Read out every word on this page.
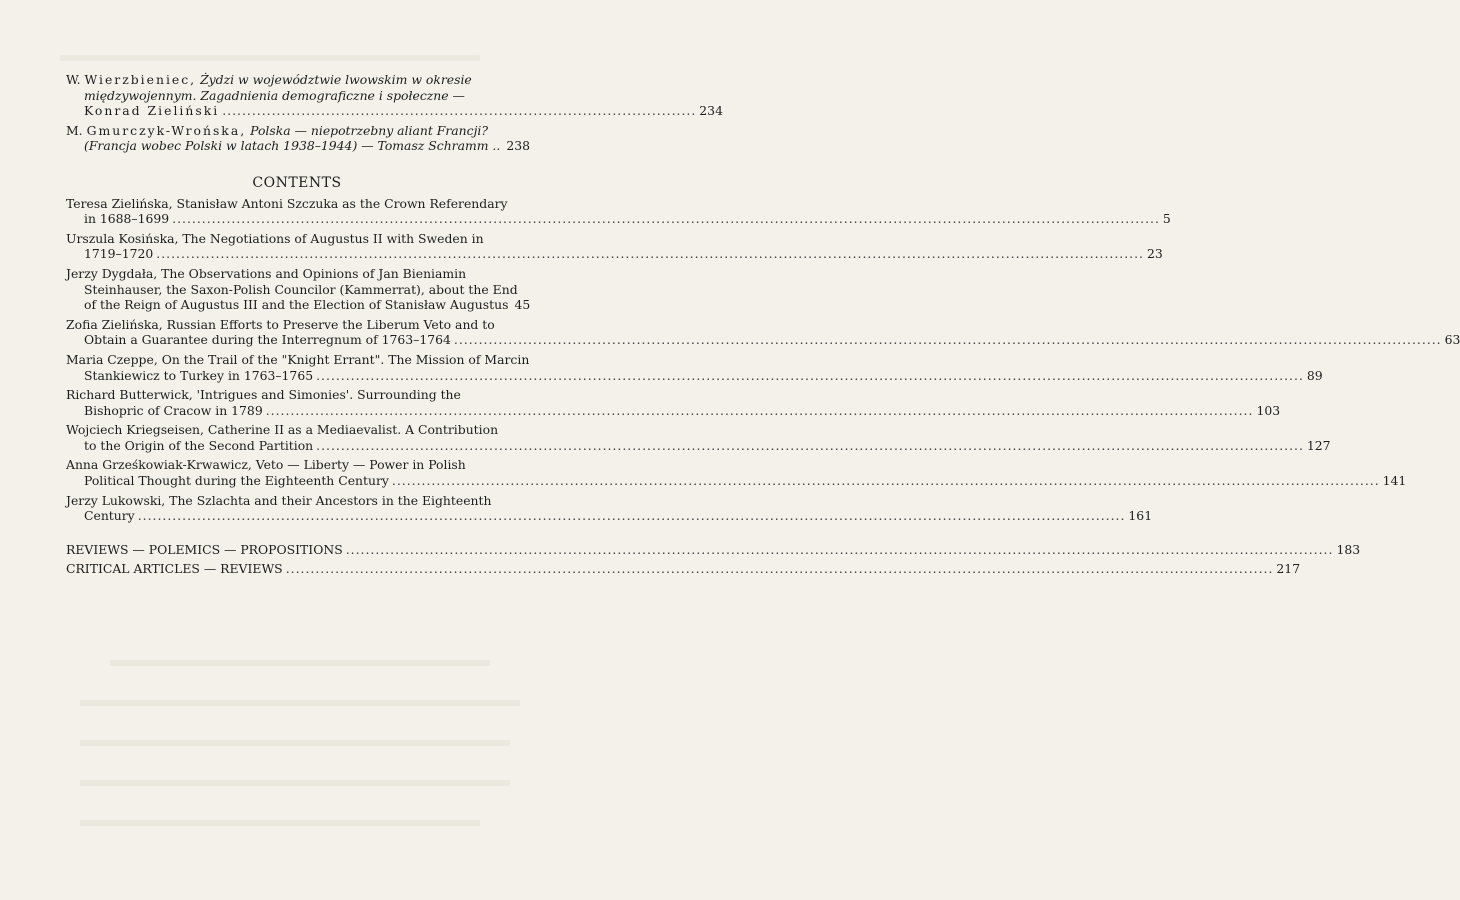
W. Wierzbieniec, Żydzi w województwie lwowskim w okresie
międzywojennym. Zagadnienia demograficzne i społeczne —
Konrad Zieliński ................................................................................................ 234
M. Gmurczyk-Wrońska, Polska — niepotrzebny aliant Francji?
(Francja wobec Polski w latach 1938–1944) — Tomasz Schramm .. 238
CONTENTS
Teresa Zielińska, Stanisław Antoni Szczuka as the Crown Referendary
in 1688–1699 ........................................................................................................................................................................................................ 5
Urszula Kosińska, The Negotiations of Augustus II with Sweden in
1719–1720 ........................................................................................................................................................................................................ 23
Jerzy Dygdała, The Observations and Opinions of Jan Bieniamin
Steinhauser, the Saxon-Polish Councilor (Kammerrat), about the End
of the Reign of Augustus III and the Election of Stanisław Augustus 45
Zofia Zielińska, Russian Efforts to Preserve the Liberum Veto and to
Obtain a Guarantee during the Interregnum of 1763–1764 ........................................................................................................................................................................................................ 63
Maria Czeppe, On the Trail of the "Knight Errant". The Mission of Marcin
Stankiewicz to Turkey in 1763–1765 ........................................................................................................................................................................................................ 89
Richard Butterwick, 'Intrigues and Simonies'. Surrounding the
Bishopric of Cracow in 1789 ........................................................................................................................................................................................................ 103
Wojciech Kriegseisen, Catherine II as a Mediaevalist. A Contribution
to the Origin of the Second Partition ........................................................................................................................................................................................................ 127
Anna Grześkowiak-Krwawicz, Veto — Liberty — Power in Polish
Political Thought during the Eighteenth Century ........................................................................................................................................................................................................ 141
Jerzy Lukowski, The Szlachta and their Ancestors in the Eighteenth
Century ........................................................................................................................................................................................................ 161
REVIEWS — POLEMICS — PROPOSITIONS ........................................................................................................................................................................................................ 183
CRITICAL ARTICLES — REVIEWS ........................................................................................................................................................................................................ 217
